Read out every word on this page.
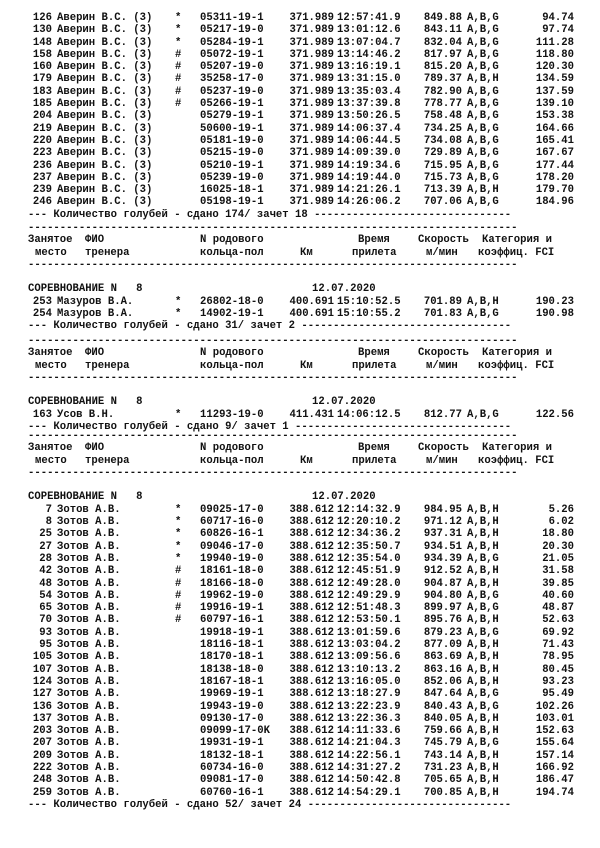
126 Аверин В.С. (3) * 05311-19-1 371.989 12:57:41.9	849.88 A,B,G	94.74
130 Аверин В.С. (3) * 05217-19-0 371.989 13:01:12.6	843.11 A,B,G	97.74
148 Аверин В.С. (3) * 05284-19-1 371.989 13:07:04.7	832.04 A,B,G	111.28
158 Аверин В.С. (3) # 05072-19-1 371.989 13:14:46.2	817.97 A,B,G	118.80
160 Аверин В.С. (3) # 05207-19-0 371.989 13:16:19.1	815.20 A,B,G	120.30
179 Аверин В.С. (3) # 35258-17-0 371.989 13:31:15.0	789.37 A,B,H	134.59
183 Аверин В.С. (3) # 05237-19-0 371.989 13:35:03.4	782.90 A,B,G	137.59
185 Аверин В.С. (3) # 05266-19-1 371.989 13:37:39.8	778.77 A,B,G	139.10
204 Аверин В.С. (3)	05279-19-1 371.989 13:50:26.5	758.48 A,B,G	153.38
219 Аверин В.С. (3)	50600-19-1 371.989 14:06:37.4	734.25 A,B,G	164.66
220 Аверин В.С. (3)	05181-19-0 371.989 14:06:44.5	734.08 A,B,G	165.41
223 Аверин В.С. (3)	05215-19-0 371.989 14:09:39.0	729.89 A,B,G	167.67
236 Аверин В.С. (3)	05210-19-1 371.989 14:19:34.6	715.95 A,B,G	177.44
237 Аверин В.С. (3)	05239-19-0 371.989 14:19:44.0	715.73 A,B,G	178.20
239 Аверин В.С. (3)	16025-18-1 371.989 14:21:26.1	713.39 A,B,H	179.70
246 Аверин В.С. (3)	05198-19-1 371.989 14:26:06.2	707.06 A,B,G	184.96
--- Количество голубей - сдано 174/ зачет 18 -------------------------------
-----------------------------------------------------------------------------
Занятое ФИО	N родового	Время	Скорость Категория и
место тренера	кольца-пол	Км	прилета	м/мин коэффиц. FCI
-----------------------------------------------------------------------------
СОРЕВНОВАНИЕ N   8	12.07.2020
253 Мазуров В.А.	* 26802-18-0 400.691 15:10:52.5	701.89 A,B,H	190.23
254 Мазуров В.А.	* 14902-19-1 400.691 15:10:55.2	701.83 A,B,G	190.98
--- Количество голубей - сдано 31/ зачет 2 ---------------------------------
-----------------------------------------------------------------------------
Занятое ФИО	N родового	Время	Скорость Категория и
место тренера	кольца-пол	Км	прилета	м/мин коэффиц. FCI
-----------------------------------------------------------------------------
СОРЕВНОВАНИЕ N   8	12.07.2020
163 Усов В.Н.	* 11293-19-0 411.431 14:06:12.5	812.77 A,B,G	122.56
--- Количество голубей - сдано 9/ зачет 1 ----------------------------------
-----------------------------------------------------------------------------
Занятое ФИО	N родового	Время	Скорость Категория и
место тренера	кольца-пол	Км	прилета	м/мин коэффиц. FCI
-----------------------------------------------------------------------------
СОРЕВНОВАНИЕ N   8	12.07.2020
7 Зотов А.В.	* 09025-17-0 388.612 12:14:32.9	984.95 A,B,H	5.26
8 Зотов А.В.	* 60717-16-0 388.612 12:20:10.2	971.12 A,B,H	6.02
25 Зотов А.В.	* 60826-16-1 388.612 12:34:36.2	937.31 A,B,H	18.80
27 Зотов А.В.	* 09046-17-0 388.612 12:35:50.7	934.51 A,B,H	20.30
28 Зотов А.В.	* 19940-19-0 388.612 12:35:54.0	934.39 A,B,G	21.05
42 Зотов А.В.	# 18161-18-0 388.612 12:45:51.9	912.52 A,B,H	31.58
48 Зотов А.В.	# 18166-18-0 388.612 12:49:28.0	904.87 A,B,H	39.85
54 Зотов А.В.	# 19962-19-0 388.612 12:49:29.9	904.80 A,B,G	40.60
65 Зотов А.В.	# 19916-19-1 388.612 12:51:48.3	899.97 A,B,G	48.87
70 Зотов А.В.	# 60797-16-1 388.612 12:53:50.1	895.76 A,B,H	52.63
93 Зотов А.В.	19918-19-1 388.612 13:01:59.6	879.23 A,B,G	69.92
95 Зотов А.В.	18116-18-1 388.612 13:03:04.2	877.09 A,B,H	71.43
105 Зотов А.В.	18170-18-1 388.612 13:09:56.6	863.69 A,B,H	78.95
107 Зотов А.В.	18138-18-0 388.612 13:10:13.2	863.16 A,B,H	80.45
124 Зотов А.В.	18167-18-1 388.612 13:16:05.0	852.06 A,B,H	93.23
127 Зотов А.В.	19969-19-1 388.612 13:18:27.9	847.64 A,B,G	95.49
136 Зотов А.В.	19943-19-0 388.612 13:22:23.9	840.43 A,B,G	102.26
137 Зотов А.В.	09130-17-0 388.612 13:22:36.3	840.05 A,B,H	103.01
203 Зотов А.В.	09099-17-0K 388.612 14:11:33.6	759.66 A,B,H	152.63
207 Зотов А.В.	19931-19-1 388.612 14:21:04.3	745.79 A,B,G	155.64
209 Зотов А.В.	18132-18-1 388.612 14:22:56.1	743.14 A,B,H	157.14
222 Зотов А.В.	60734-16-0 388.612 14:31:27.2	731.23 A,B,H	166.92
248 Зотов А.В.	09081-17-0 388.612 14:50:42.8	705.65 A,B,H	186.47
259 Зотов А.В.	60760-16-1 388.612 14:54:29.1	700.85 A,B,H	194.74
--- Количество голубей - сдано 52/ зачет 24 --------------------------------
